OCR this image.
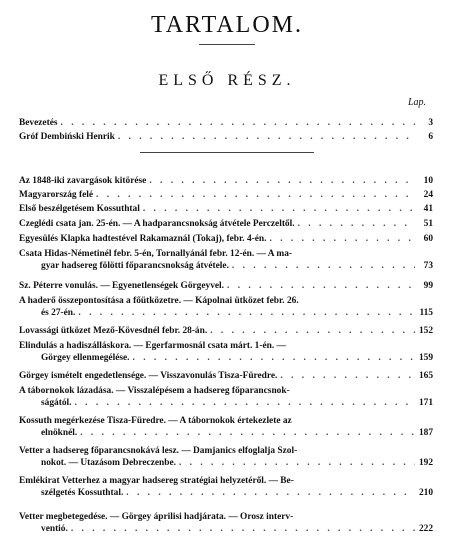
TARTALOM.
ELSŐ RÉSZ.
Lap.
Bevezetés . . .	3
Gróf Dembiński Henrik . . .	6
Az 1848-iki zavargások kitörése . . .	10
Magyarország felé . . .	24
Első beszélgetésem Kossuthtal . . .	41
Czeglédi csata jan. 25-én. — A hadparancsnokság átvétele Perczeltől. . . .	51
Egyesülés Klapka hadtestével Rakamaznál (Tokaj), febr. 4-én. . . .	60
Csata Hidas-Németinél febr. 5-én, Tornallyánál febr. 12-én. — A ma-
gyar hadsereg fölötti főparancsnokság átvétele. . . .	73
Sz. Péterre vonulás. — Egyenetlenségek Görgeyvel. . . .	99
A haderő összepontosítása a főütközetre. — Kápolnai ütközet febr. 26.
és 27-én. . . .	115
Lovassági ütközet Mező-Kövesdnél febr. 28-án. . . .	152
Elindulás a hadiszálláskora. — Egerfarmosnál csata márt. 1-én. —
Görgey ellenmegélése. . . .	159
Görgey ismételt engedetlensége. — Visszavonulás Tisza-Füredre. . . .	165
A tábornokok lázadása. — Visszalépésem a hadsereg főparancsnok-
ságától. . . .	171
Kossuth megérkezése Tisza-Füredre. — A tábornokok értekezlete az
elnöknél. . . .	187
Vetter a hadsereg főparancsnokává lesz. — Damjanics elfoglalja Szol-
nokot. — Utazásom Debreczenbe. . . .	192
Emlékirat Vetterhez a magyar hadsereg stratégiai helyzetéről. — Be-
szélgetés Kossuthtal. . . .	210
Vetter megbetegedése. — Görgey áprilisi hadjárata. — Orosz interv-
ventió. . . .	222
